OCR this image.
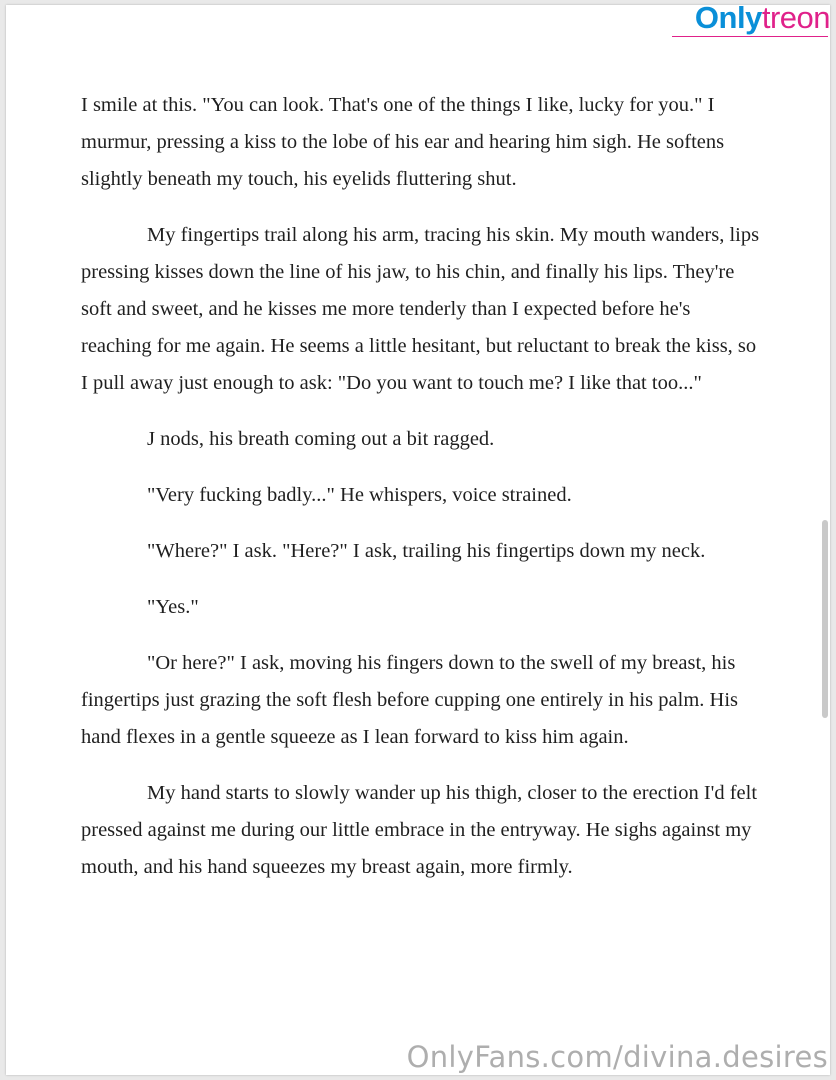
I smile at this. "You can look. That's one of the things I like, lucky for you." I murmur, pressing a kiss to the lobe of his ear and hearing him sigh. He softens slightly beneath my touch, his eyelids fluttering shut.

My fingertips trail along his arm, tracing his skin. My mouth wanders, lips pressing kisses down the line of his jaw, to his chin, and finally his lips. They're soft and sweet, and he kisses me more tenderly than I expected before he's reaching for me again. He seems a little hesitant, but reluctant to break the kiss, so I pull away just enough to ask: "Do you want to touch me? I like that too..."

J nods, his breath coming out a bit ragged.

"Very fucking badly..." He whispers, voice strained.

"Where?" I ask. "Here?" I ask, trailing his fingertips down my neck.

"Yes."

"Or here?" I ask, moving his fingers down to the swell of my breast, his fingertips just grazing the soft flesh before cupping one entirely in his palm. His hand flexes in a gentle squeeze as I lean forward to kiss him again.

My hand starts to slowly wander up his thigh, closer to the erection I'd felt pressed against me during our little embrace in the entryway. He sighs against my mouth, and his hand squeezes my breast again, more firmly.

Onlytreon
OnlyFans.com/divina.desires
